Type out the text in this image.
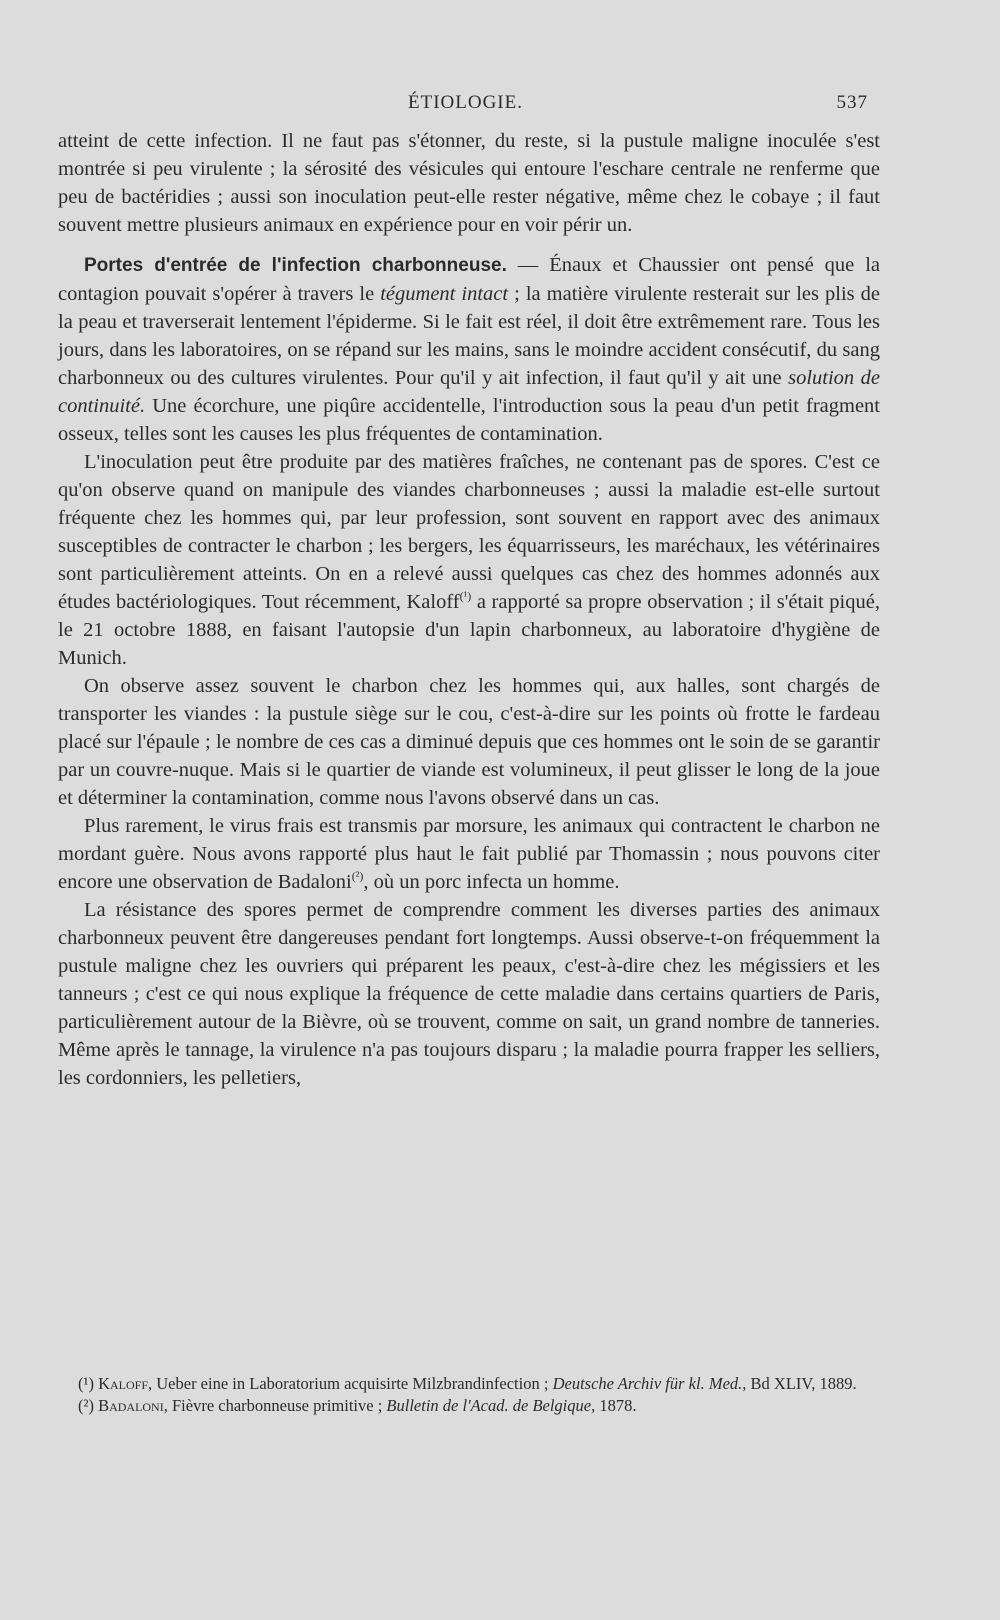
ÉTIOLOGIE.	537

atteint de cette infection. Il ne faut pas s'étonner, du reste, si la pustule maligne inoculée s'est montrée si peu virulente ; la sérosité des vésicules qui entoure l'eschare centrale ne renferme que peu de bactéridies ; aussi son inoculation peut-elle rester négative, même chez le cobaye ; il faut souvent mettre plusieurs animaux en expérience pour en voir périr un.

Portes d'entrée de l'infection charbonneuse. — Énaux et Chaussier ont pensé que la contagion pouvait s'opérer à travers le tégument intact ; la matière virulente resterait sur les plis de la peau et traverserait lentement l'épiderme. Si le fait est réel, il doit être extrêmement rare. Tous les jours, dans les laboratoires, on se répand sur les mains, sans le moindre accident consécutif, du sang charbonneux ou des cultures virulentes. Pour qu'il y ait infection, il faut qu'il y ait une solution de continuité. Une écorchure, une piqûre accidentelle, l'introduction sous la peau d'un petit fragment osseux, telles sont les causes les plus fréquentes de contamination.

L'inoculation peut être produite par des matières fraîches, ne contenant pas de spores. C'est ce qu'on observe quand on manipule des viandes charbonneuses ; aussi la maladie est-elle surtout fréquente chez les hommes qui, par leur profession, sont souvent en rapport avec des animaux susceptibles de contracter le charbon ; les bergers, les équarrisseurs, les maréchaux, les vétérinaires sont particulièrement atteints. On en a relevé aussi quelques cas chez des hommes adonnés aux études bactériologiques. Tout récemment, Kaloff$^{(^1)}$ a rapporté sa propre observation ; il s'était piqué, le 21 octobre 1888, en faisant l'autopsie d'un lapin charbonneux, au laboratoire d'hygiène de Munich.

On observe assez souvent le charbon chez les hommes qui, aux halles, sont chargés de transporter les viandes : la pustule siège sur le cou, c'est-à-dire sur les points où frotte le fardeau placé sur l'épaule ; le nombre de ces cas a diminué depuis que ces hommes ont le soin de se garantir par un couvre-nuque. Mais si le quartier de viande est volumineux, il peut glisser le long de la joue et déterminer la contamination, comme nous l'avons observé dans un cas.

Plus rarement, le virus frais est transmis par morsure, les animaux qui contractent le charbon ne mordant guère. Nous avons rapporté plus haut le fait publié par Thomassin ; nous pouvons citer encore une observation de Badaloni$^{(^2)}$, où un porc infecta un homme.

La résistance des spores permet de comprendre comment les diverses parties des animaux charbonneux peuvent être dangereuses pendant fort longtemps. Aussi observe-t-on fréquemment la pustule maligne chez les ouvriers qui préparent les peaux, c'est-à-dire chez les mégissiers et les tanneurs ; c'est ce qui nous explique la fréquence de cette maladie dans certains quartiers de Paris, particulièrement autour de la Bièvre, où se trouvent, comme on sait, un grand nombre de tanneries. Même après le tannage, la virulence n'a pas toujours disparu ; la maladie pourra frapper les selliers, les cordonniers, les pelletiers,

(¹) Kaloff, Ueber eine in Laboratorium acquisirte Milzbrandinfection ; Deutsche Archiv für kl. Med., Bd XLIV, 1889.

(²) Badaloni, Fièvre charbonneuse primitive ; Bulletin de l'Acad. de Belgique, 1878.
